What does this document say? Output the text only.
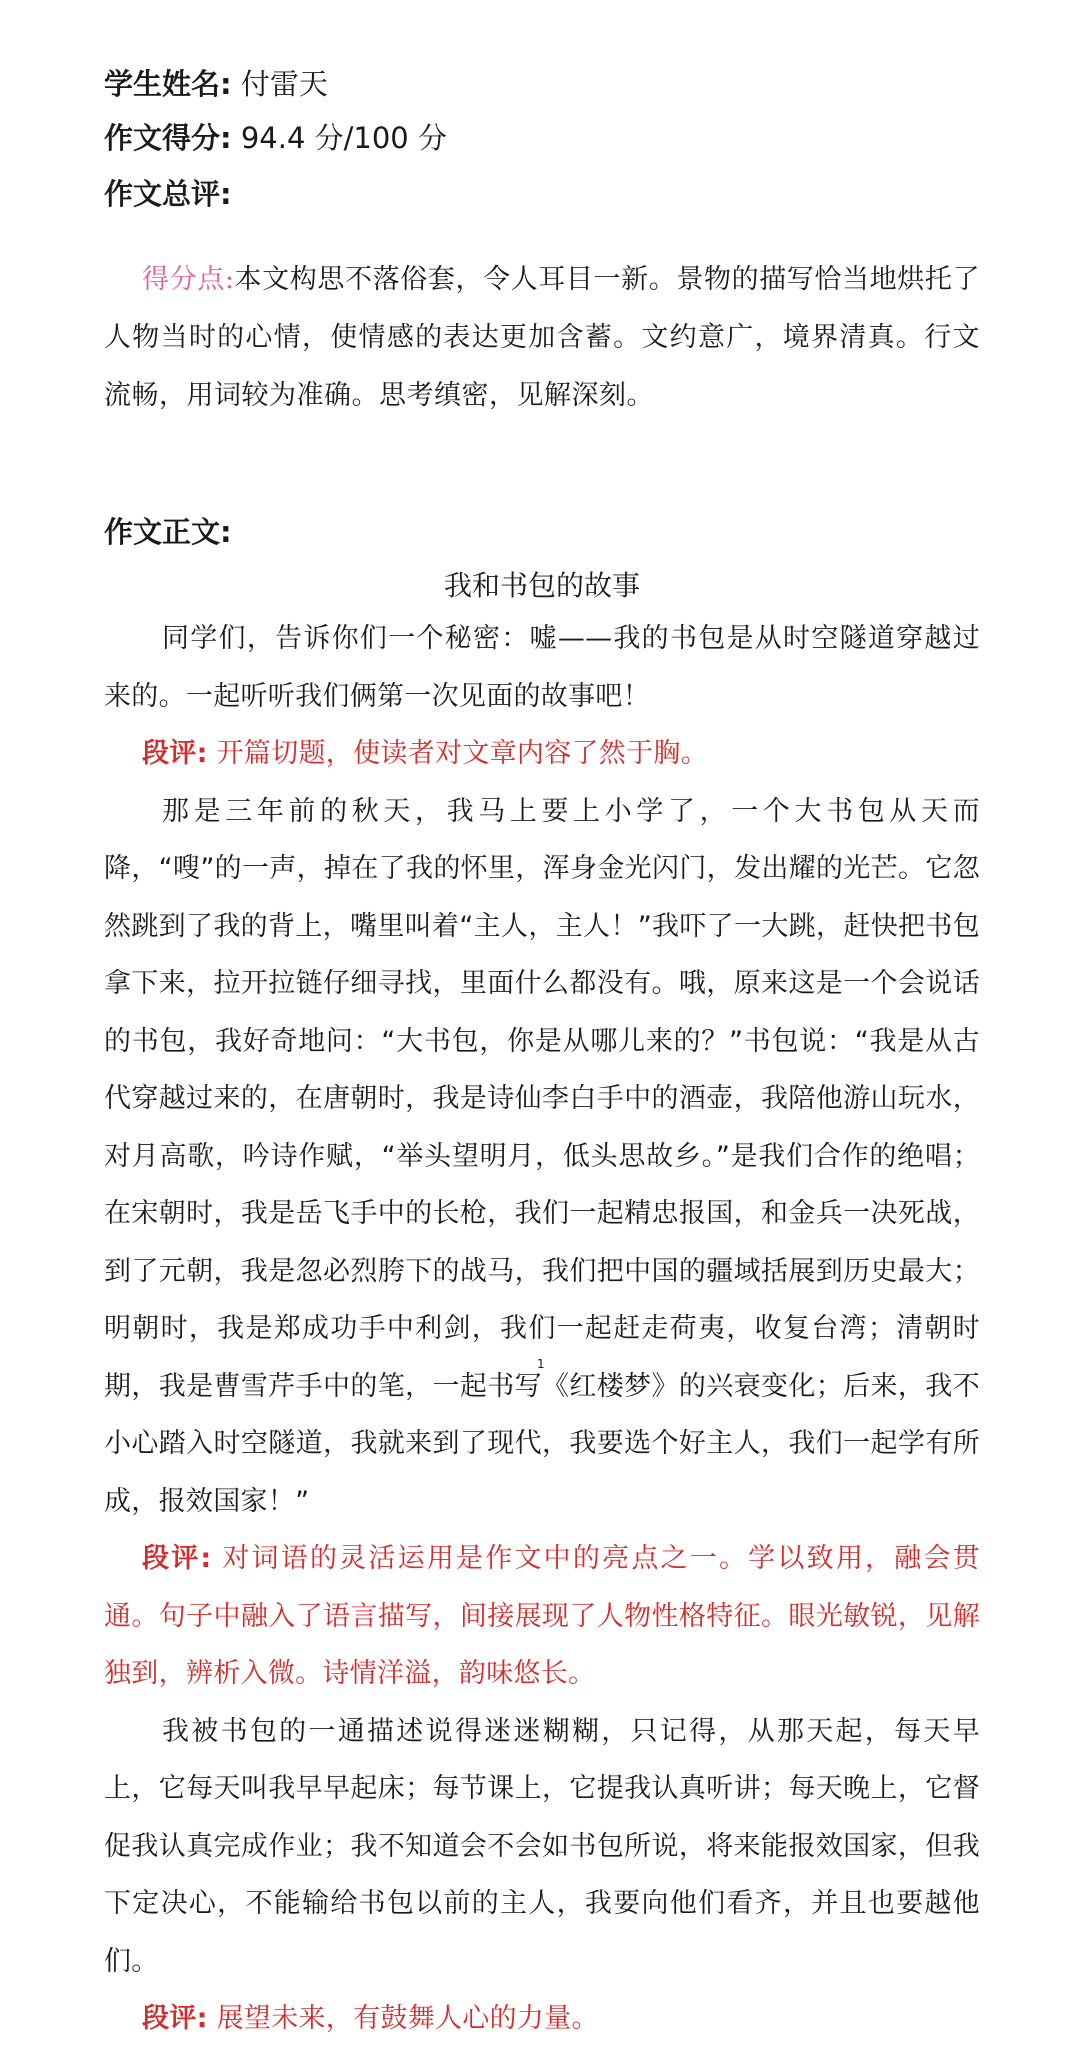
学生姓名: 付雷天
作文得分: 94.4 分/100 分
作文总评:
得分点:本文构思不落俗套，令人耳目一新。景物的描写恰当地烘托了人物当时的心情，使情感的表达更加含蓄。文约意广，境界清真。行文流畅，用词较为准确。思考缜密，见解深刻。
作文正文:
我和书包的故事

同学们，告诉你们一个秘密：嘘——我的书包是从时空隧道穿越过来的。一起听听我们俩第一次见面的故事吧！

段评: 开篇切题，使读者对文章内容了然于胸。

那是三年前的秋天，我马上要上小学了，一个大书包从天而降，“嗖”的一声，掉在了我的怀里，浑身金光闪门，发出耀的光芒。它忽然跳到了我的背上，嘴里叫着“主人，主人！”我吓了一大跳，赶快把书包拿下来，拉开拉链仔细寻找，里面什么都没有。哦，原来这是一个会说话的书包，我好奇地问：“大书包，你是从哪儿来的？”书包说：“我是从古代穿越过来的，在唐朝时，我是诗仙李白手中的酒壶，我陪他游山玩水，对月高歌，吟诗作赋，“举头望明月，低头思故乡。”是我们合作的绝唱；在宋朝时，我是岳飞手中的长枪，我们一起精忠报国，和金兵一决死战，到了元朝，我是忽必烈胯下的战马，我们把中国的疆域括展到历史最大；明朝时，我是郑成功手中利剑，我们一起赶走荷夷，收复台湾；清朝时期，我是曹雪芹手中的笔，一起书写《红楼梦》的兴衰变化；后来，我不小心踏入时空隧道，我就来到了现代，我要选个好主人，我们一起学有所成，报效国家！”

段评: 对词语的灵活运用是作文中的亮点之一。学以致用，融会贯通。句子中融入了语言描写，间接展现了人物性格特征。眼光敏锐，见解独到，辨析入微。诗情洋溢，韵味悠长。

我被书包的一通描述说得迷迷糊糊，只记得，从那天起，每天早上，它每天叫我早早起床；每节课上，它提我认真听讲；每天晚上，它督促我认真完成作业；我不知道会不会如书包所说，将来能报效国家，但我下定决心，不能输给书包以前的主人，我要向他们看齐，并且也要越他们。

段评: 展望未来，有鼓舞人心的力量。

1
